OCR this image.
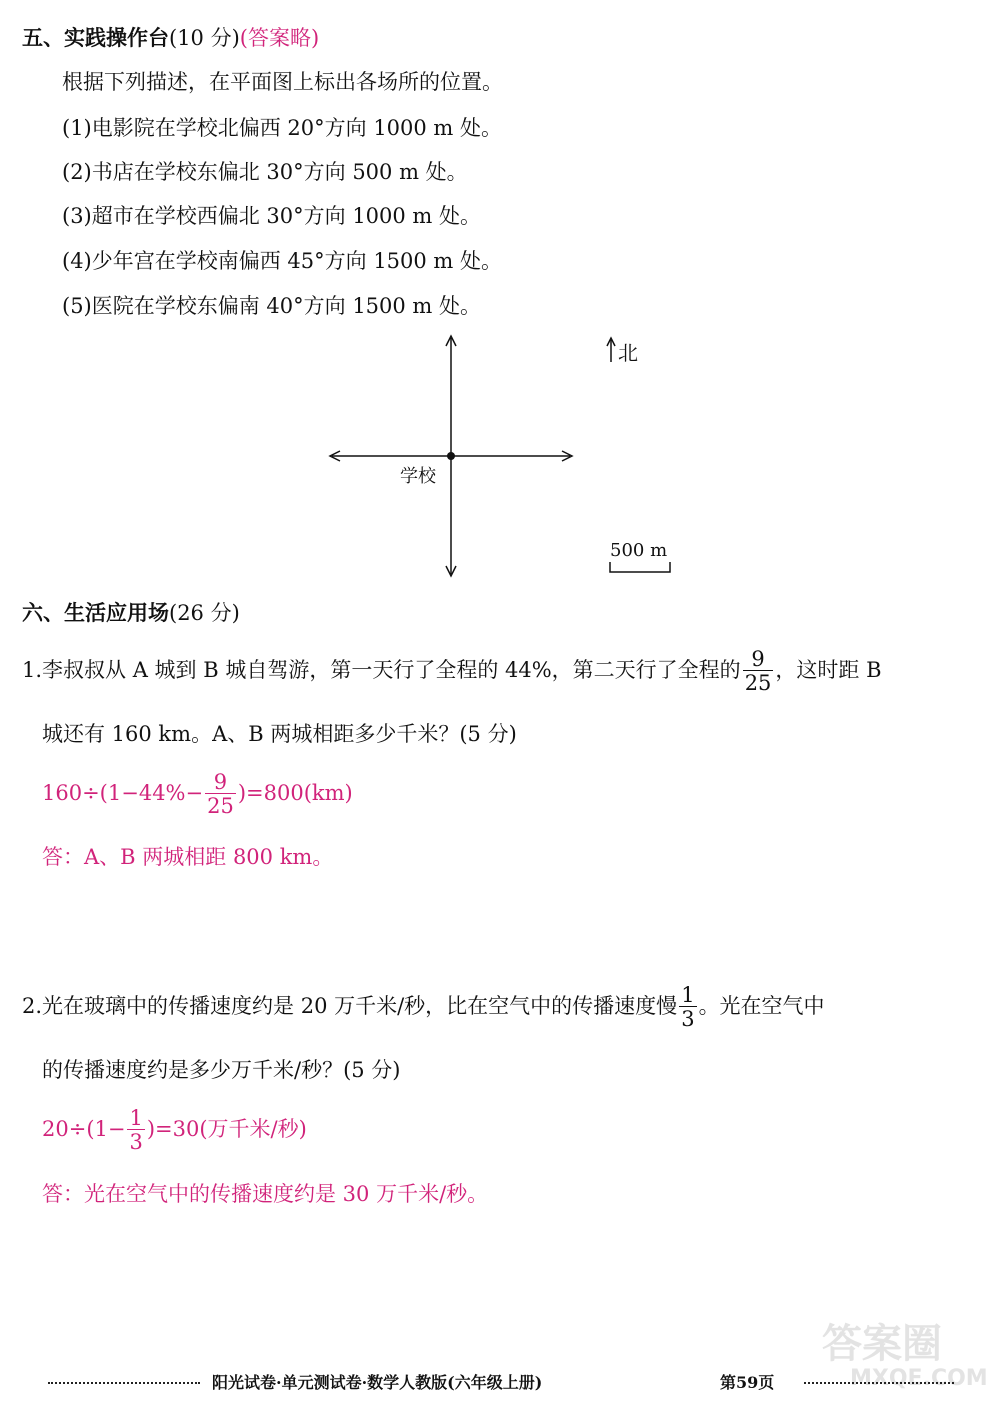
五、实践操作台(10 分)(答案略)
根据下列描述，在平面图上标出各场所的位置。
(1)电影院在学校北偏西 20°方向 1000 m 处。
(2)书店在学校东偏北 30°方向 500 m 处。
(3)超市在学校西偏北 30°方向 1000 m 处。
(4)少年宫在学校南偏西 45°方向 1500 m 处。
(5)医院在学校东偏南 40°方向 1500 m 处。
北
学校
500 m
六、生活应用场(26 分)
1.李叔叔从 A 城到 B 城自驾游，第一天行了全程的 44%，第二天行了全程的 $\frac{9}{25}$ ，这时距 B
城还有 160 km。A、B 两城相距多少千米？(5 分)
$160\div(1-44\%- \frac{9}{25} )=800(km)$
答：A、B 两城相距 800 km。
2.光在玻璃中的传播速度约是 20 万千米/秒，比在空气中的传播速度慢 $\frac{1}{3}$ 。光在空气中
的传播速度约是多少万千米/秒？(5 分)
$20\div(1- \frac{1}{3} )=30$(万千米/秒)
答：光在空气中的传播速度约是 30 万千米/秒。
答案圈
MXQE.COM
阳光试卷·单元测试卷·数学人教版(六年级上册)	第59页
